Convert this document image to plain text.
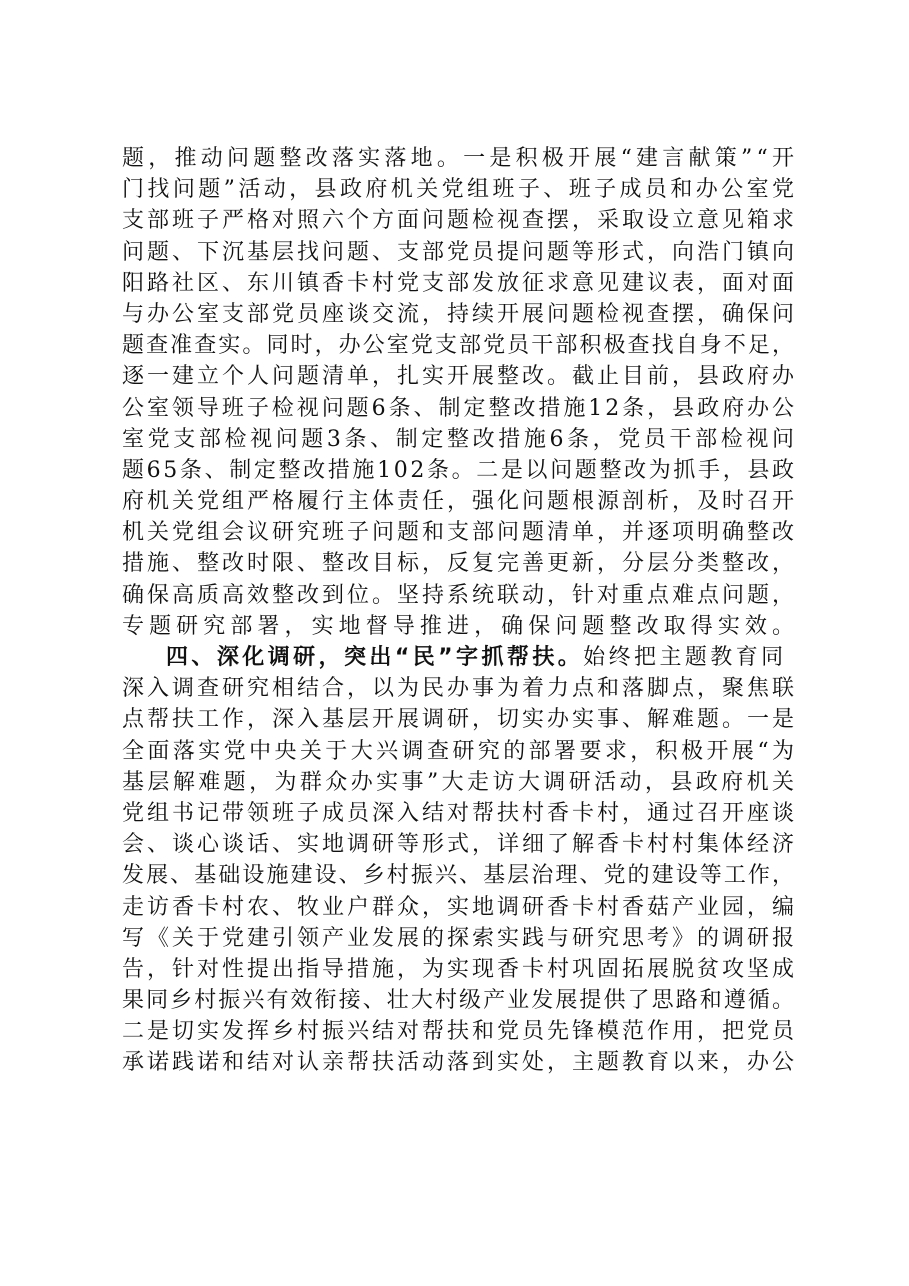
题，推动问题整改落实落地。一是积极开展“建言献策”“开
门找问题”活动，县政府机关党组班子、班子成员和办公室党
支部班子严格对照六个方面问题检视查摆，采取设立意见箱求
问题、下沉基层找问题、支部党员提问题等形式，向浩门镇向
阳路社区、东川镇香卡村党支部发放征求意见建议表，面对面
与办公室支部党员座谈交流，持续开展问题检视查摆，确保问
题查准查实。同时，办公室党支部党员干部积极查找自身不足，
逐一建立个人问题清单，扎实开展整改。截止目前，县政府办
公室领导班子检视问题6条、制定整改措施12条，县政府办公
室党支部检视问题3条、制定整改措施6条，党员干部检视问
题65条、制定整改措施102条。二是以问题整改为抓手，县政
府机关党组严格履行主体责任，强化问题根源剖析，及时召开
机关党组会议研究班子问题和支部问题清单，并逐项明确整改
措施、整改时限、整改目标，反复完善更新，分层分类整改，
确保高质高效整改到位。坚持系统联动，针对重点难点问题，
专题研究部署，实地督导推进，确保问题整改取得实效。
四、深化调研，突出“民”字抓帮扶。始终把主题教育同
深入调查研究相结合，以为民办事为着力点和落脚点，聚焦联
点帮扶工作，深入基层开展调研，切实办实事、解难题。一是
全面落实党中央关于大兴调查研究的部署要求，积极开展“为
基层解难题，为群众办实事”大走访大调研活动，县政府机关
党组书记带领班子成员深入结对帮扶村香卡村，通过召开座谈
会、谈心谈话、实地调研等形式，详细了解香卡村村集体经济
发展、基础设施建设、乡村振兴、基层治理、党的建设等工作，
走访香卡村农、牧业户群众，实地调研香卡村香菇产业园，编
写《关于党建引领产业发展的探索实践与研究思考》的调研报
告，针对性提出指导措施，为实现香卡村巩固拓展脱贫攻坚成
果同乡村振兴有效衔接、壮大村级产业发展提供了思路和遵循。
二是切实发挥乡村振兴结对帮扶和党员先锋模范作用，把党员
承诺践诺和结对认亲帮扶活动落到实处，主题教育以来，办公
